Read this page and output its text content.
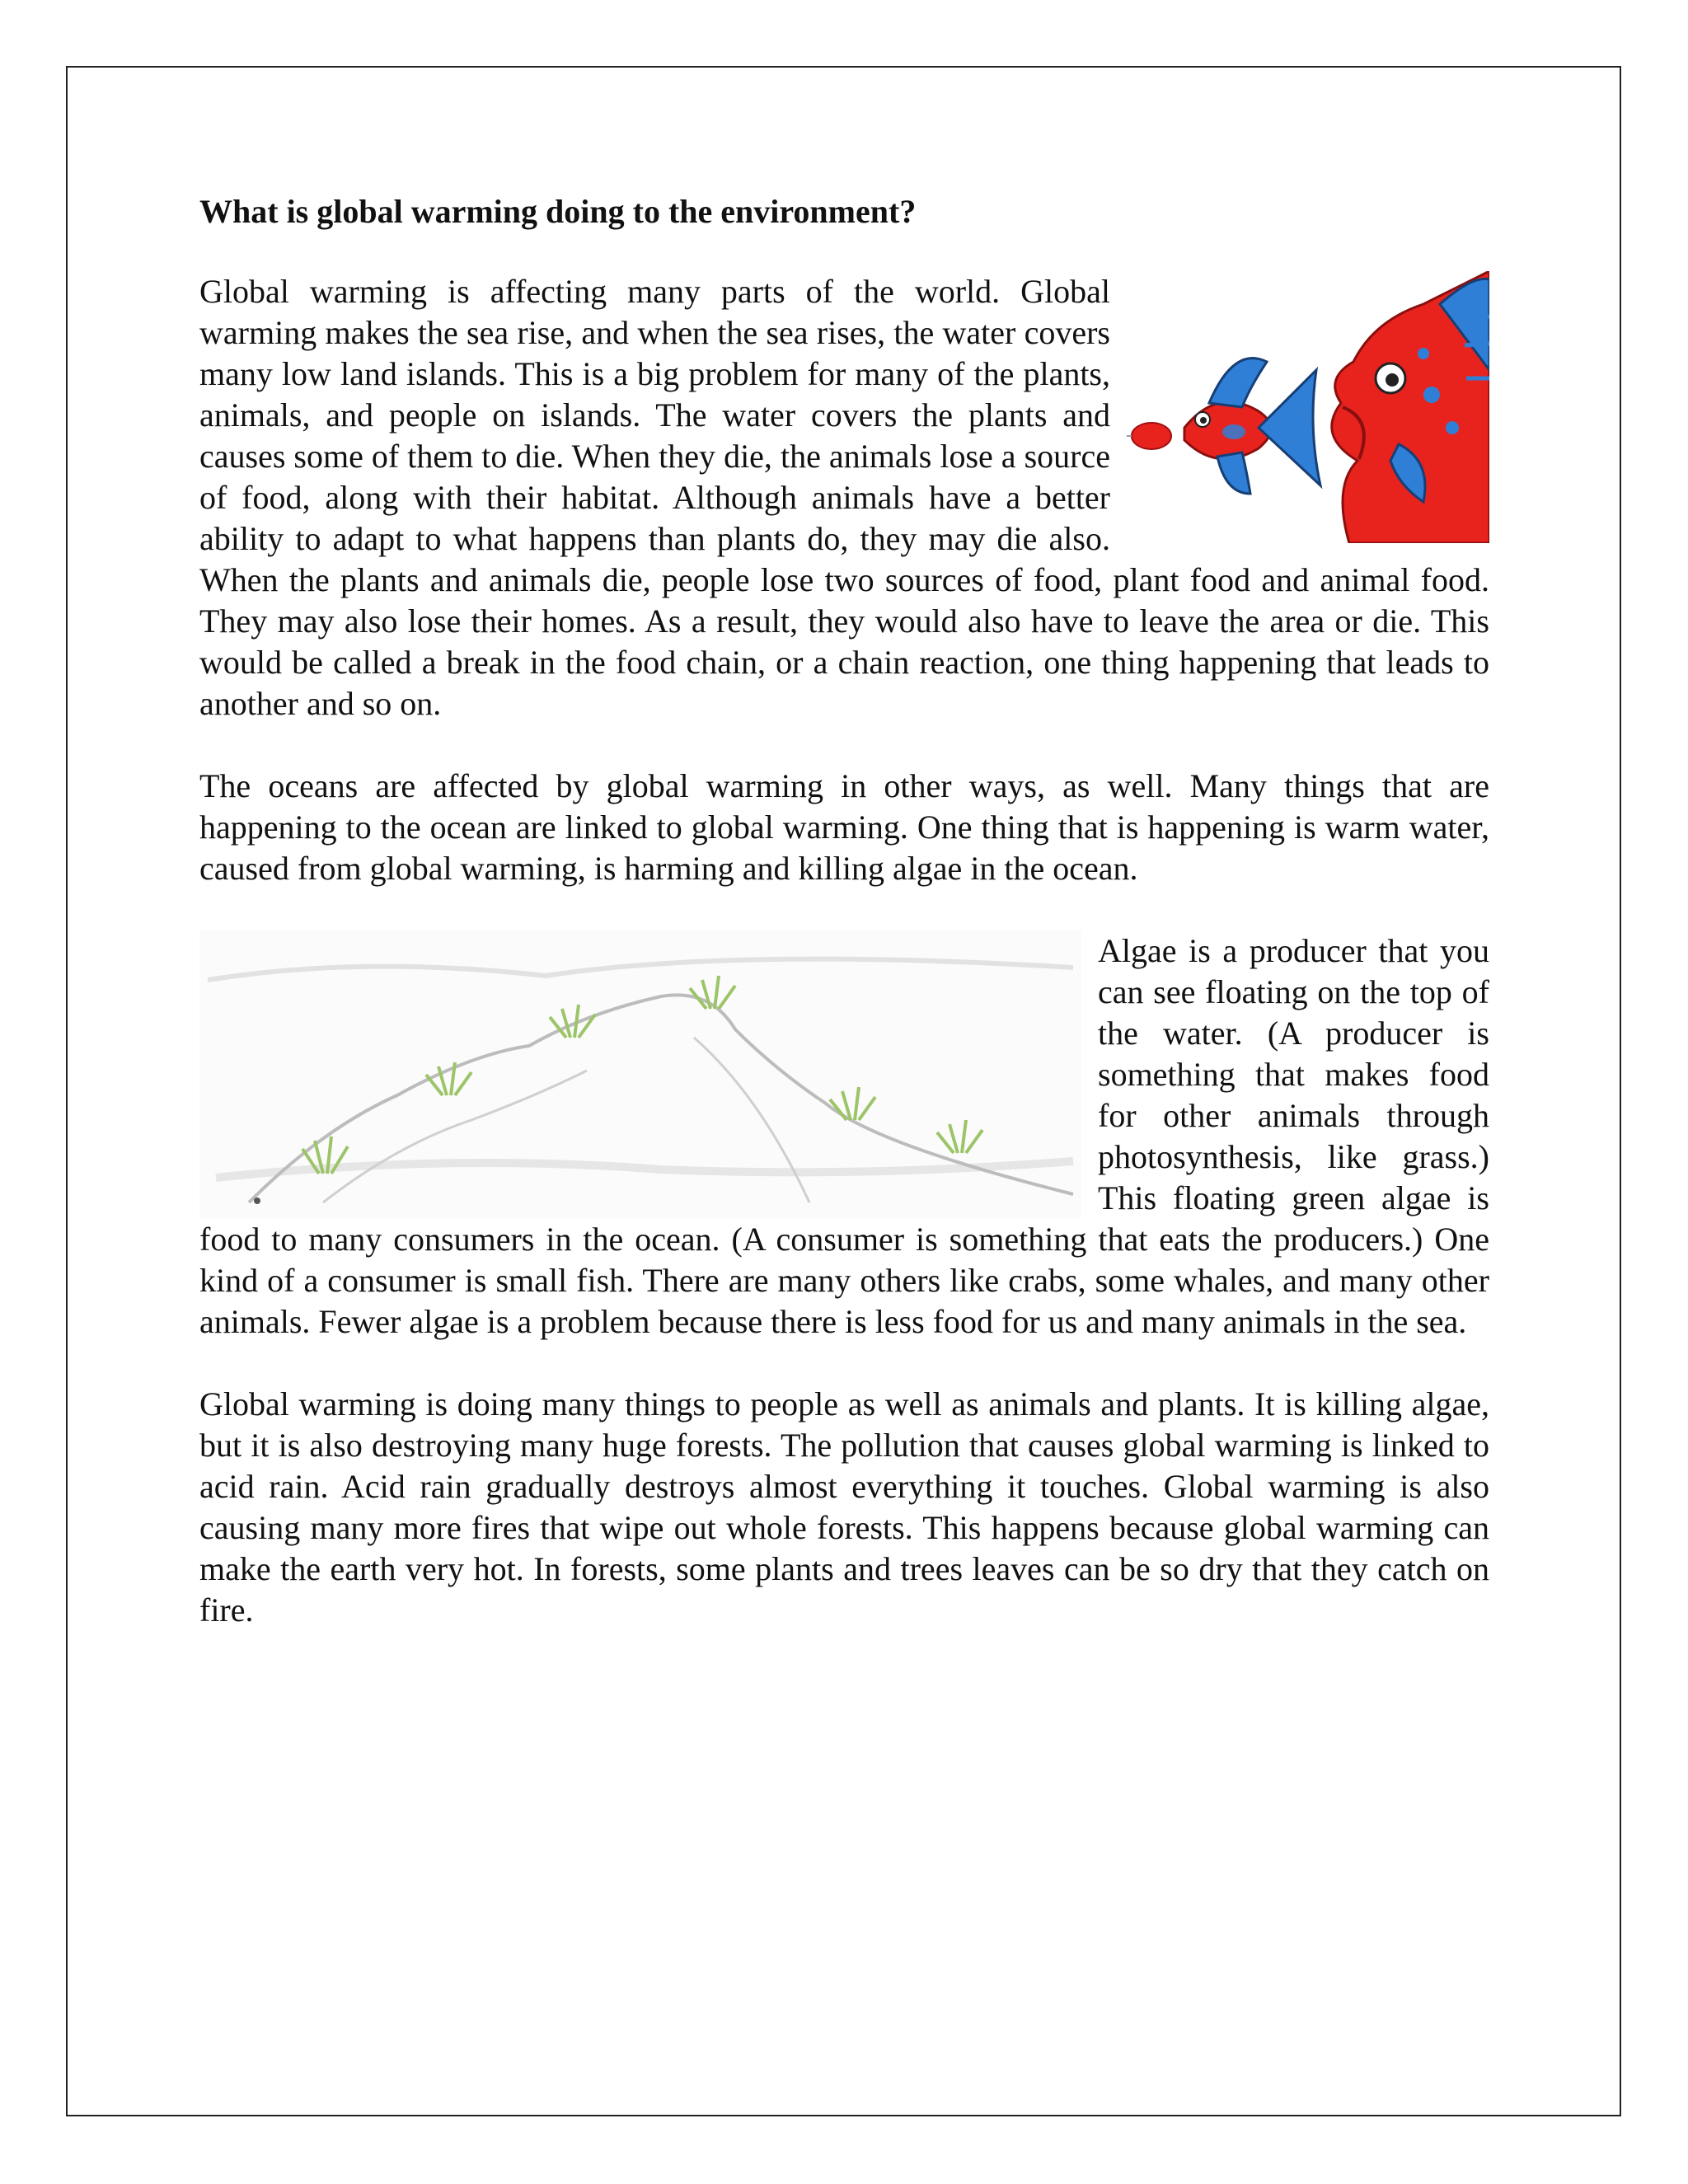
What is global warming doing to the environment?

Global warming is affecting many parts of the world. Global warming makes the sea rise, and when the sea rises, the water covers many low land islands. This is a big problem for many of the plants, animals, and people on islands. The water covers the plants and causes some of them to die. When they die, the animals lose a source of food, along with their habitat. Although animals have a better ability to adapt to what happens than plants do, they may die also. When the plants and animals die, people lose two sources of food, plant food and animal food. They may also lose their homes. As a result, they would also have to leave the area or die. This would be called a break in the food chain, or a chain reaction, one thing happening that leads to another and so on.

The oceans are affected by global warming in other ways, as well. Many things that are happening to the ocean are linked to global warming. One thing that is happening is warm water, caused from global warming, is harming and killing algae in the ocean.

Algae is a producer that you can see floating on the top of the water. (A producer is something that makes food for other animals through photosynthesis, like grass.) This floating green algae is food to many consumers in the ocean. (A consumer is something that eats the producers.) One kind of a consumer is small fish. There are many others like crabs, some whales, and many other animals. Fewer algae is a problem because there is less food for us and many animals in the sea.

Global warming is doing many things to people as well as animals and plants. It is killing algae, but it is also destroying many huge forests. The pollution that causes global warming is linked to acid rain. Acid rain gradually destroys almost everything it touches. Global warming is also causing many more fires that wipe out whole forests. This happens because global warming can make the earth very hot. In forests, some plants and trees leaves can be so dry that they catch on fire.
